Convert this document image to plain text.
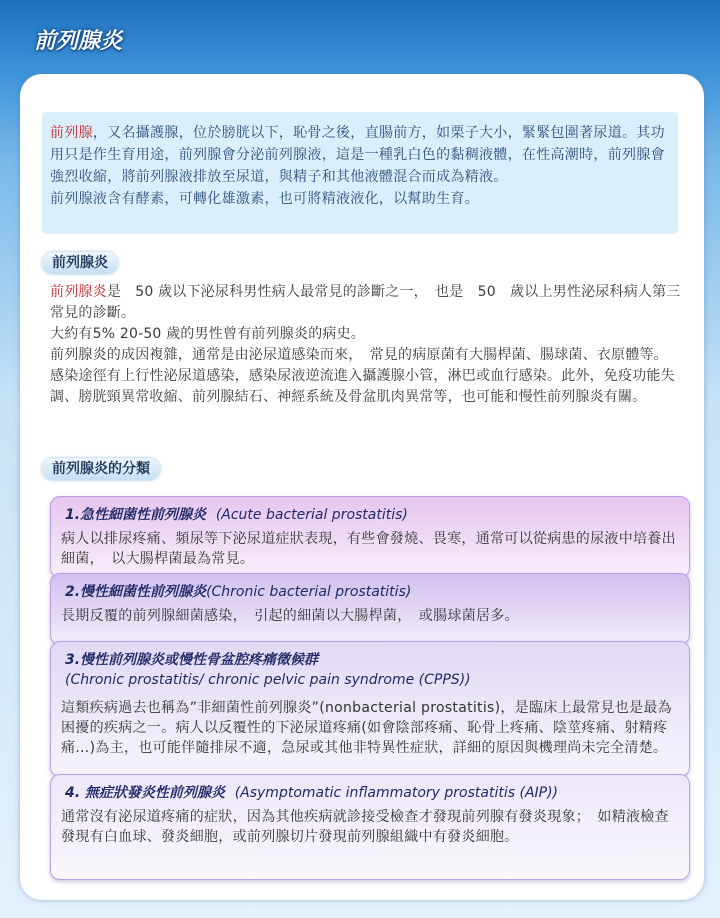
前列腺炎
前列腺，又名攝護腺，位於膀胱以下，恥骨之後，直腸前方，如栗子大小，緊緊包圍著尿道。其功用只是作生育用途，前列腺會分泌前列腺液，這是一種乳白色的黏稠液體，在性高潮時，前列腺會強烈收縮，將前列腺液排放至尿道，與精子和其他液體混合而成為精液。
前列腺液含有酵素，可轉化雄激素，也可將精液液化，以幫助生育。
前列腺炎

前列腺炎是　50 歲以下泌尿科男性病人最常見的診斷之一，　也是　50　歲以上男性泌尿科病人第三常見的診斷。

大約有5% 20-50 歲的男性曾有前列腺炎的病史。

前列腺炎的成因複雜，通常是由泌尿道感染而來，　常見的病原菌有大腸桿菌、腸球菌、衣原體等。

感染途徑有上行性泌尿道感染，感染尿液逆流進入攝護腺小管，淋巴或血行感染。此外，免疫功能失調、膀胱頸異常收縮、前列腺結石、神經系統及骨盆肌肉異常等，也可能和慢性前列腺炎有關。

前列腺炎的分類
1.急性細菌性前列腺炎 (Acute bacterial prostatitis)
病人以排尿疼痛、頻尿等下泌尿道症狀表現，有些會發燒、畏寒，通常可以從病患的尿液中培養出細菌，　以大腸桿菌最為常見。
2.慢性細菌性前列腺炎(Chronic bacterial prostatitis)
長期反覆的前列腺細菌感染，　引起的細菌以大腸桿菌，　或腸球菌居多。
3.慢性前列腺炎或慢性骨盆腔疼痛徵候群
(Chronic prostatitis/ chronic pelvic pain syndrome (CPPS))
這類疾病過去也稱為”非細菌性前列腺炎”(nonbacterial prostatitis)，是臨床上最常見也是最為困擾的疾病之一。病人以反覆性的下泌尿道疼痛(如會陰部疼痛、恥骨上疼痛、陰莖疼痛、射精疼痛…)為主，也可能伴隨排尿不適，急尿或其他非特異性症狀，詳細的原因與機理尚未完全清楚。
4. 無症狀發炎性前列腺炎 (Asymptomatic inflammatory prostatitis (AIP))
通常沒有泌尿道疼痛的症狀，因為其他疾病就診接受檢查才發現前列腺有發炎現象；　如精液檢查發現有白血球、發炎細胞，或前列腺切片發現前列腺組織中有發炎細胞。
